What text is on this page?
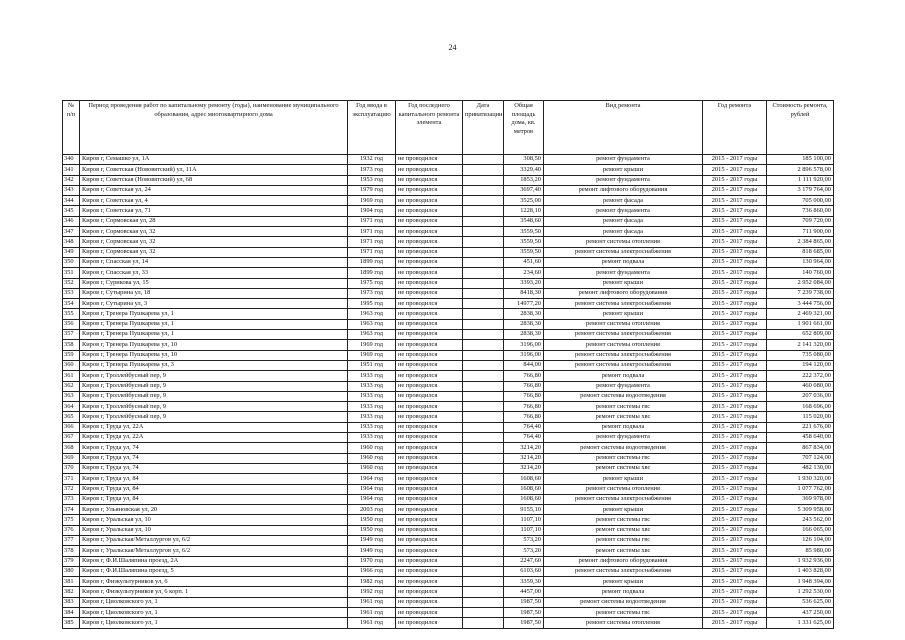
24
№ п/п	Период проведения работ по капитальному ремонту (годы), наименование муниципального образования, адрес многоквартирного дома	Год ввода в эксплуатацию	Год последнего капитального ремонта элемента	Дата приватизации	Общая площадь дома, кв. метров	Вид ремонта	Год ремонта	Стоимость ремонта, рублей
340	Киров г, Семашко ул, 1А	1932 год	не проводился		308,50	ремонт фундамента	2015 - 2017 годы	185 100,00
341	Киров г, Советская (Нововятский) ул, 11А	1973 год	не проводился		3329,40	ремонт крыши	2015 - 2017 годы	2 896 578,00
342	Киров г, Советская (Нововятский) ул, 68	1953 год	не проводился		1853,20	ремонт фундамента	2015 - 2017 годы	1 111 920,00
343	Киров г, Советская ул, 24	1979 год	не проводился		3697,40	ремонт лифтового оборудования	2015 - 2017 годы	3 179 764,00
344	Киров г, Советская ул, 4	1969 год	не проводился		3525,00	ремонт фасада	2015 - 2017 годы	705 000,00
345	Киров г, Советская ул, 71	1904 год	не проводился		1228,10	ремонт фундамента	2015 - 2017 годы	736 860,00
346	Киров г, Сормовская ул, 28	1971 год	не проводился		3548,60	ремонт фасада	2015 - 2017 годы	709 720,00
347	Киров г, Сормовская ул, 32	1971 год	не проводился		3559,50	ремонт фасада	2015 - 2017 годы	711 900,00
348	Киров г, Сормовская ул, 32	1971 год	не проводился		3559,50	ремонт системы отопления	2015 - 2017 годы	2 384 865,00
349	Киров г, Сормовская ул, 32	1971 год	не проводился		3559,50	ремонт системы электроснабжения	2015 - 2017 годы	818 685,00
350	Киров г, Спасская ул, 14	1899 год	не проводился		451,60	ремонт подвала	2015 - 2017 годы	130 964,00
351	Киров г, Спасская ул, 33	1899 год	не проводился		234,60	ремонт фундамента	2015 - 2017 годы	140 760,00
352	Киров г, Сурикова ул, 15	1975 год	не проводился		3393,20	ремонт крыши	2015 - 2017 годы	2 952 084,00
353	Киров г, Сутырина ул, 18	1973 год	не проводился		8418,30	ремонт лифтового оборудования	2015 - 2017 годы	7 239 738,00
354	Киров г, Сутырина ул, 3	1995 год	не проводился		14977,20	ремонт системы электроснабжения	2015 - 2017 годы	3 444 756,00
355	Киров г, Тренера Пушкарева ул, 1	1963 год	не проводился		2838,30	ремонт крыши	2015 - 2017 годы	2 469 321,00
356	Киров г, Тренера Пушкарева ул, 1	1963 год	не проводился		2838,30	ремонт системы отопления	2015 - 2017 годы	1 901 661,00
357	Киров г, Тренера Пушкарева ул, 1	1963 год	не проводился		2838,30	ремонт системы электроснабжения	2015 - 2017 годы	652 809,00
358	Киров г, Тренера Пушкарева ул, 10	1969 год	не проводился		3196,00	ремонт системы отопления	2015 - 2017 годы	2 141 320,00
359	Киров г, Тренера Пушкарева ул, 10	1969 год	не проводился		3196,00	ремонт системы электроснабжения	2015 - 2017 годы	735 080,00
360	Киров г, Тренера Пушкарева ул, 3	1951 год	не проводился		844,00	ремонт системы электроснабжения	2015 - 2017 годы	194 120,00
361	Киров г, Троллейбусный пер, 9	1933 год	не проводился		766,80	ремонт подвала	2015 - 2017 годы	222 372,00
362	Киров г, Троллейбусный пер, 9	1933 год	не проводился		766,80	ремонт фундамента	2015 - 2017 годы	460 080,00
363	Киров г, Троллейбусный пер, 9	1933 год	не проводился		766,80	ремонт системы водоотведения	2015 - 2017 годы	207 036,00
364	Киров г, Троллейбусный пер, 9	1933 год	не проводился		766,80	ремонт системы гвс	2015 - 2017 годы	168 696,00
365	Киров г, Троллейбусный пер, 9	1933 год	не проводился		766,80	ремонт системы хвс	2015 - 2017 годы	115 020,00
366	Киров г, Труда ул, 22А	1933 год	не проводился		764,40	ремонт подвала	2015 - 2017 годы	221 676,00
367	Киров г, Труда ул, 22А	1933 год	не проводился		764,40	ремонт фундамента	2015 - 2017 годы	458 640,00
368	Киров г, Труда ул, 74	1960 год	не проводился		3214,20	ремонт системы водоотведения	2015 - 2017 годы	867 834,00
369	Киров г, Труда ул, 74	1960 год	не проводился		3214,20	ремонт системы гвс	2015 - 2017 годы	707 124,00
370	Киров г, Труда ул, 74	1960 год	не проводился		3214,20	ремонт системы хвс	2015 - 2017 годы	482 130,00
371	Киров г, Труда ул, 84	1964 год	не проводился		1608,60	ремонт крыши	2015 - 2017 годы	1 930 320,00
372	Киров г, Труда ул, 84	1964 год	не проводился		1608,60	ремонт системы отопления	2015 - 2017 годы	1 077 762,00
373	Киров г, Труда ул, 84	1964 год	не проводился		1608,60	ремонт системы электроснабжения	2015 - 2017 годы	369 978,00
374	Киров г, Ульяновская ул, 20	2003 год	не проводился		9155,10	ремонт крыши	2015 - 2017 годы	5 309 958,00
375	Киров г, Уральская ул, 10	1950 год	не проводился		1107,10	ремонт системы гвс	2015 - 2017 годы	243 562,00
376	Киров г, Уральская ул, 10	1950 год	не проводился		1107,10	ремонт системы хвс	2015 - 2017 годы	166 065,00
377	Киров г, Уральская/Металлургов ул, 6/2	1949 год	не проводился		573,20	ремонт системы гвс	2015 - 2017 годы	126 104,00
378	Киров г, Уральская/Металлургов ул, 6/2	1949 год	не проводился		573,20	ремонт системы хвс	2015 - 2017 годы	85 980,00
379	Киров г, Ф.И.Шаляпина проезд, 2А	1970 год	не проводился		2247,60	ремонт лифтового оборудования	2015 - 2017 годы	1 932 936,00
380	Киров г, Ф.И.Шаляпина проезд, 5	1966 год	не проводился		6103,60	ремонт системы электроснабжения	2015 - 2017 годы	1 403 828,00
381	Киров г, Физкультурников ул, 6	1982 год	не проводился		3359,30	ремонт крыши	2015 - 2017 годы	1 948 394,00
382	Киров г, Физкультурников ул, 6 корп. 1	1992 год	не проводился		4457,00	ремонт подвала	2015 - 2017 годы	1 292 530,00
383	Киров г, Циолковского ул, 1	1961 год	не проводился		1987,50	ремонт системы водоотведения	2015 - 2017 годы	536 625,00
384	Киров г, Циолковского ул, 1	1961 год	не проводился		1987,50	ремонт системы гвс	2015 - 2017 годы	437 250,00
385	Киров г, Циолковского ул, 1	1961 год	не проводился		1987,50	ремонт системы отопления	2015 - 2017 годы	1 331 625,00
